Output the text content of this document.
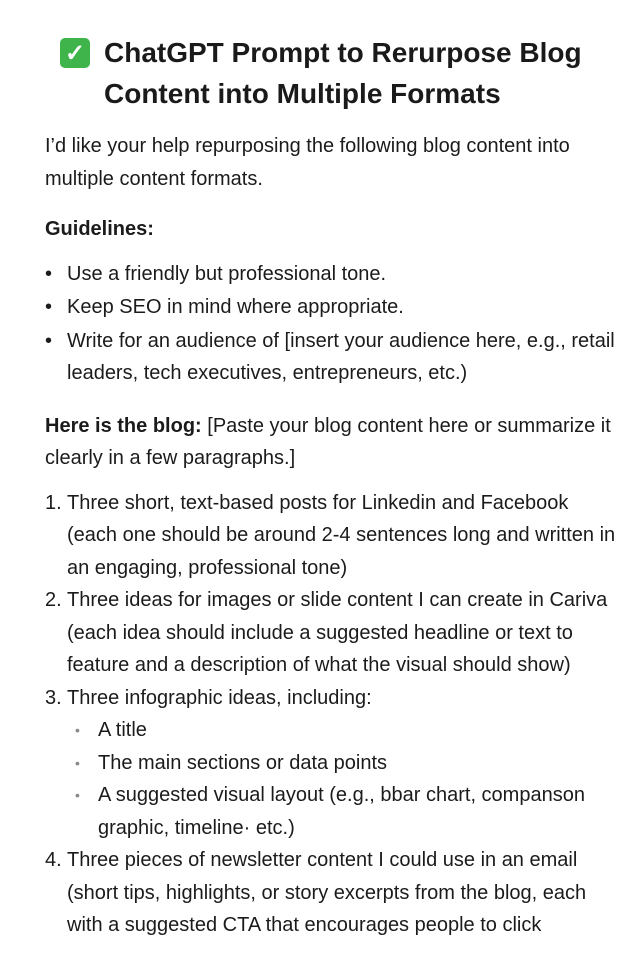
✓ ChatGPT Prompt to Rerurpose Blog Content into Multiple Formats

I’d like your help repurposing the following blog content into multiple content formats.

Guidelines:

• Use a friendly but professional tone.
• Keep SEO in mind where appropriate.
• Write for an audience of [insert your audience here, e.g., retail leaders, tech executives, entrepreneurs, etc.)

Here is the blog: [Paste your blog content here or summarize it clearly in a few paragraphs.]

1. Three short, text-based posts for Linkedin and Facebook (each one should be around 2-4 sentences long and written in an engaging, professional tone)
2. Three ideas for images or slide content I can create in Cariva (each idea should include a suggested headline or text to feature and a description of what the visual should show)
3. Three infographic ideas, including:
• A title
• The main sections or data points
• A suggested visual layout (e.g., bbar chart, companson graphic, timeline· etc.)
4. Three pieces of newsletter content I could use in an email (short tips, highlights, or story excerpts from the blog, each with a suggested CTA that encourages people to click
